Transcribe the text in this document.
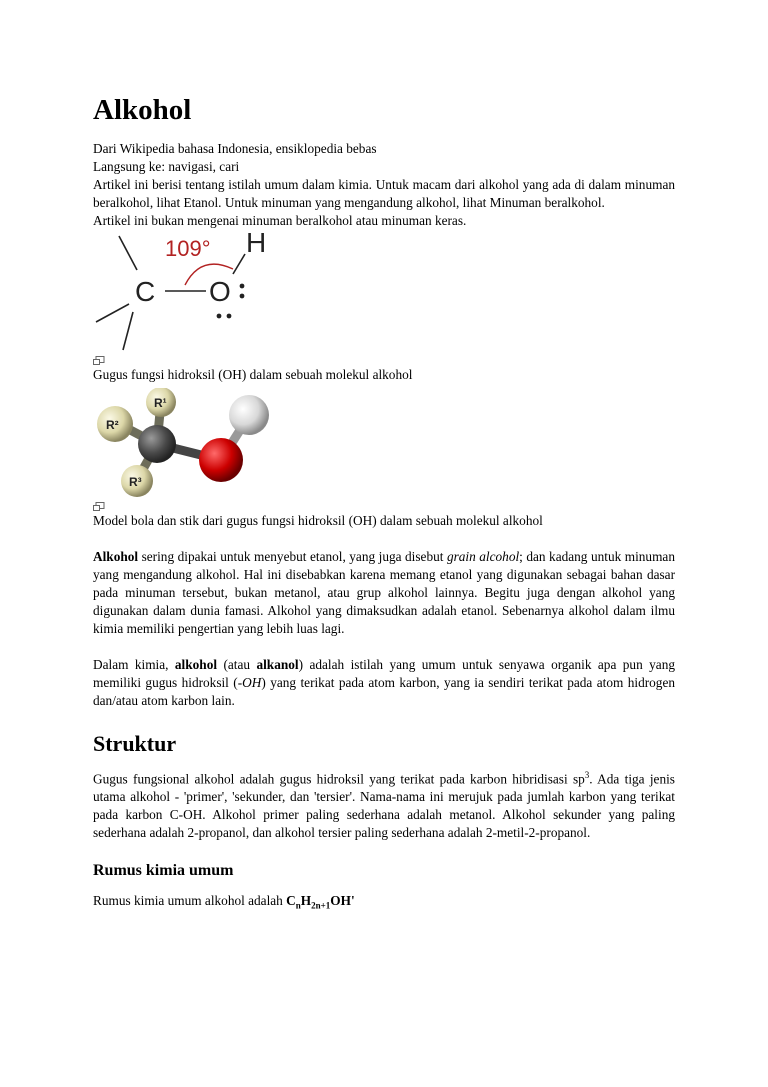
Alkohol

Dari Wikipedia bahasa Indonesia, ensiklopedia bebas

Langsung ke: navigasi, cari

Artikel ini berisi tentang istilah umum dalam kimia. Untuk macam dari alkohol yang ada di dalam minuman beralkohol, lihat Etanol. Untuk minuman yang mengandung alkohol, lihat Minuman beralkohol.

Artikel ini bukan mengenai minuman beralkohol atau minuman keras.

109°
C O
H

Gugus fungsi hidroksil (OH) dalam sebuah molekul alkohol

R¹
R²
R³

Model bola dan stik dari gugus fungsi hidroksil (OH) dalam sebuah molekul alkohol

Alkohol sering dipakai untuk menyebut etanol, yang juga disebut grain alcohol; dan kadang untuk minuman yang mengandung alkohol. Hal ini disebabkan karena memang etanol yang digunakan sebagai bahan dasar pada minuman tersebut, bukan metanol, atau grup alkohol lainnya. Begitu juga dengan alkohol yang digunakan dalam dunia famasi. Alkohol yang dimaksudkan adalah etanol. Sebenarnya alkohol dalam ilmu kimia memiliki pengertian yang lebih luas lagi.

Dalam kimia, alkohol (atau alkanol) adalah istilah yang umum untuk senyawa organik apa pun yang memiliki gugus hidroksil (-OH) yang terikat pada atom karbon, yang ia sendiri terikat pada atom hidrogen dan/atau atom karbon lain.

Struktur

Gugus fungsional alkohol adalah gugus hidroksil yang terikat pada karbon hibridisasi $sp^3$. Ada tiga jenis utama alkohol - 'primer', 'sekunder, dan 'tersier'. Nama-nama ini merujuk pada jumlah karbon yang terikat pada karbon C-OH. Alkohol primer paling sederhana adalah metanol. Alkohol sekunder yang paling sederhana adalah 2-propanol, dan alkohol tersier paling sederhana adalah 2-metil-2-propanol.

Rumus kimia umum

Rumus kimia umum alkohol adalah $C_nH_{2n+1}OH'$
